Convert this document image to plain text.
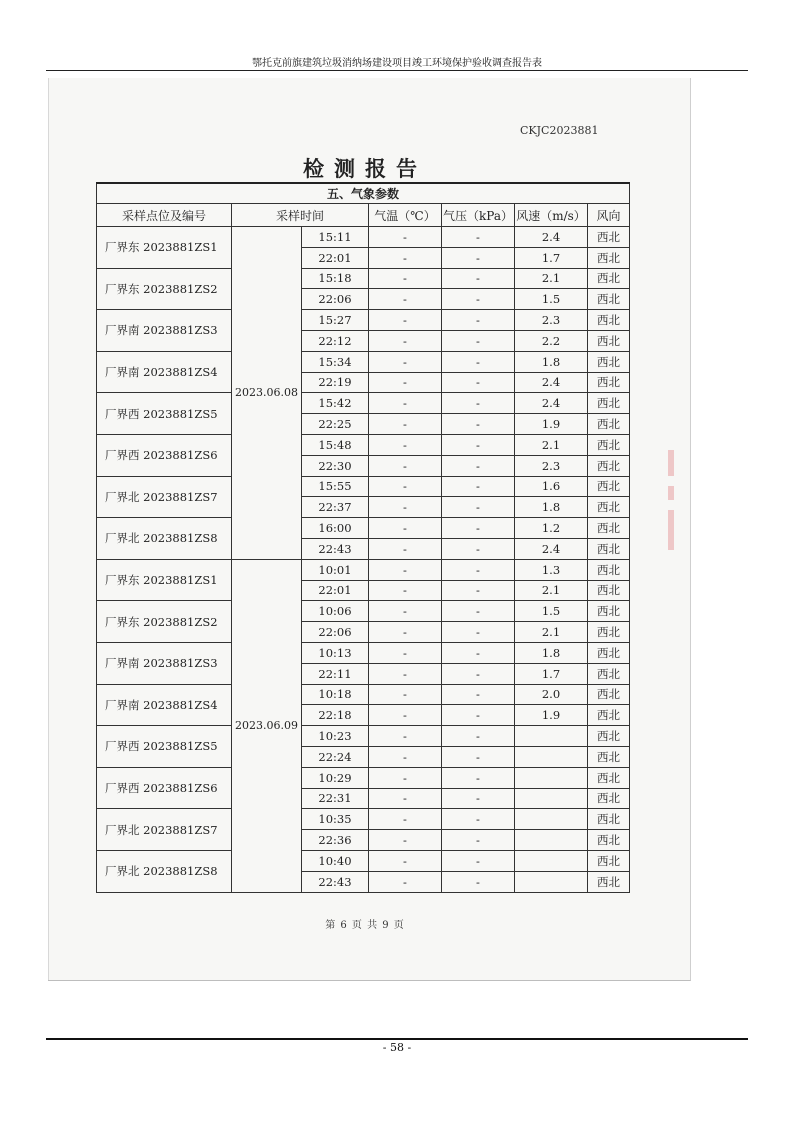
鄂托克前旗建筑垃圾消纳场建设项目竣工环境保护验收调查报告表
CKJC2023881
检测报告
五、气象参数						
采样点位及编号	采样时间		气温（℃）	气压（kPa）	风速（m/s）	风向
厂界东 2023881ZS1	2023.06.08	15:11	-	-	2.4	西北
		22:01	-	-	1.7	西北
厂界东 2023881ZS2		15:18	-	-	2.1	西北
		22:06	-	-	1.5	西北
厂界南 2023881ZS3		15:27	-	-	2.3	西北
		22:12	-	-	2.2	西北
厂界南 2023881ZS4		15:34	-	-	1.8	西北
		22:19	-	-	2.4	西北
厂界西 2023881ZS5		15:42	-	-	2.4	西北
		22:25	-	-	1.9	西北
厂界西 2023881ZS6		15:48	-	-	2.1	西北
		22:30	-	-	2.3	西北
厂界北 2023881ZS7		15:55	-	-	1.6	西北
		22:37	-	-	1.8	西北
厂界北 2023881ZS8		16:00	-	-	1.2	西北
		22:43	-	-	2.4	西北
厂界东 2023881ZS1	2023.06.09	10:01	-	-	1.3	西北
		22:01	-	-	2.1	西北
厂界东 2023881ZS2		10:06	-	-	1.5	西北
		22:06	-	-	2.1	西北
厂界南 2023881ZS3		10:13	-	-	1.8	西北
		22:11	-	-	1.7	西北
厂界南 2023881ZS4		10:18	-	-	2.0	西北
		22:18	-	-	1.9	西北
厂界西 2023881ZS5		10:23	-	-		西北
		22:24	-	-		西北
厂界西 2023881ZS6		10:29	-	-		西北
		22:31	-	-		西北
厂界北 2023881ZS7		10:35	-	-		西北
		22:36	-	-		西北
厂界北 2023881ZS8		10:40	-	-		西北
		22:43	-	-		西北
第 6 页 共 9 页
- 58 -
